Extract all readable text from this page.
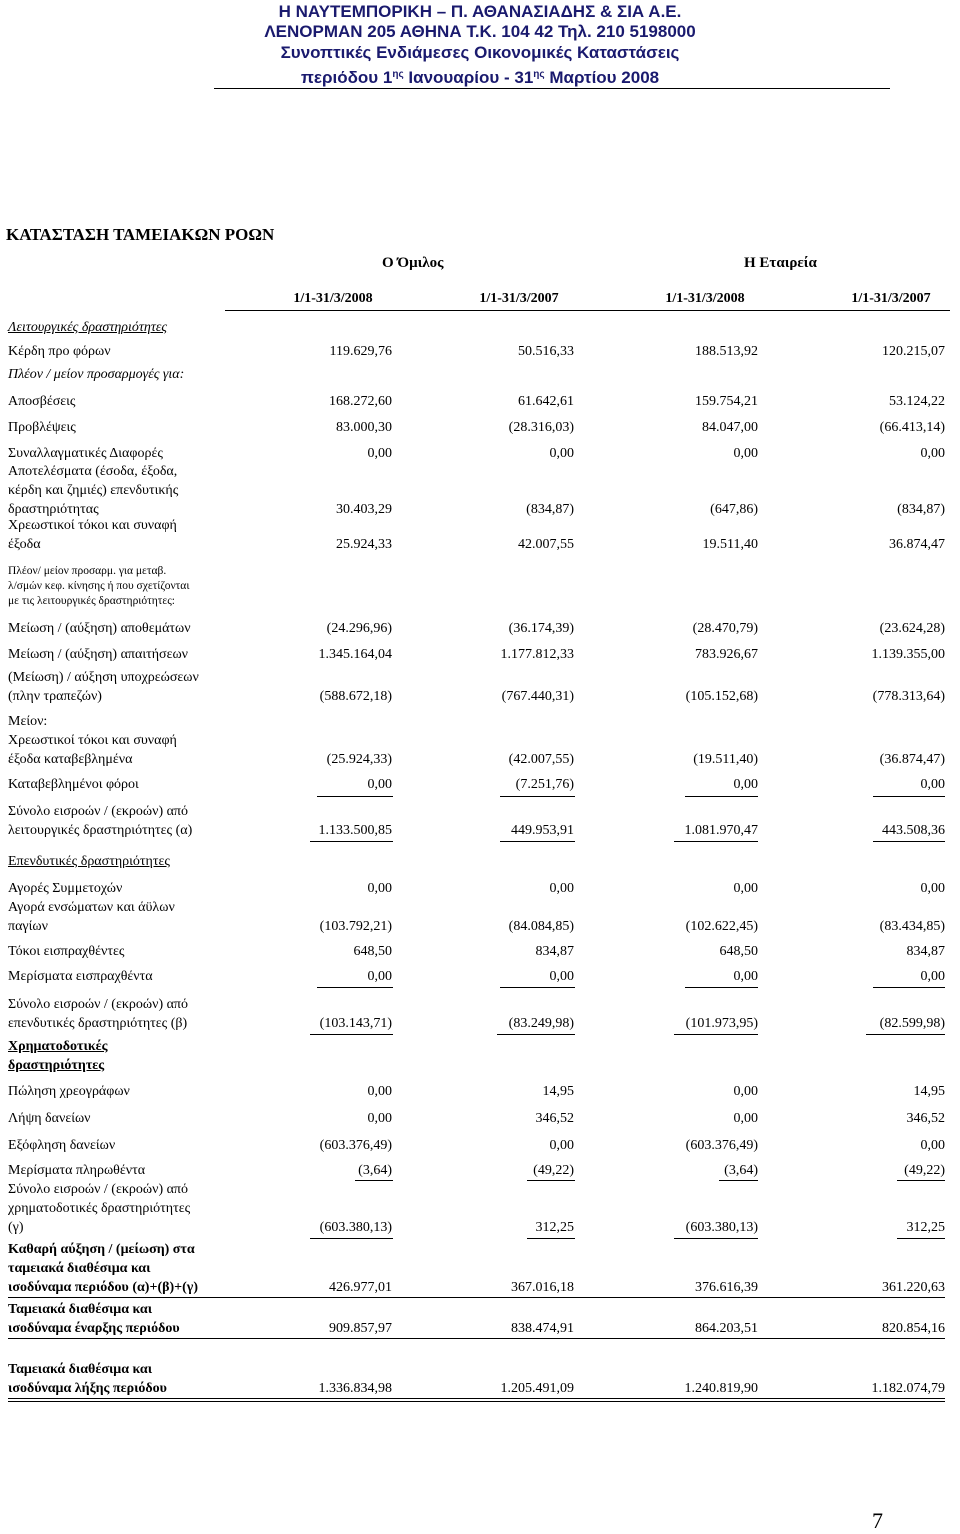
Η ΝΑΥΤΕΜΠΟΡΙΚΗ – Π. ΑΘΑΝΑΣΙΑΔΗΣ & ΣΙΑ Α.Ε.
ΛΕΝΟΡΜΑΝ 205 ΑΘΗΝΑ Τ.Κ. 104 42 Τηλ. 210 5198000
Συνοπτικές Ενδιάμεσες Οικονομικές Καταστάσεις
περιόδου $1^{\eta\varsigma}$ Ιανουαρίου - $31^{\eta\varsigma}$ Μαρτίου 2008
ΚΑΤΑΣΤΑΣΗ ΤΑΜΕΙΑΚΩΝ ΡΟΩΝ
Ο Όμιλος	Η Εταιρεία
1/1-31/3/2008	1/1-31/3/2007	1/1-31/3/2008	1/1-31/3/2007
Λειτουργικές δραστηριότητες
Κέρδη προ φόρων	119.629,76	50.516,33	188.513,92	120.215,07
Πλέον / μείον προσαρμογές για:
Αποσβέσεις	168.272,60	61.642,61	159.754,21	53.124,22
Προβλέψεις	83.000,30	(28.316,03)	84.047,00	(66.413,14)
Συναλλαγματικές Διαφορές	0,00	0,00	0,00	0,00
Αποτελέσματα (έσοδα, έξοδα,
κέρδη και ζημιές) επενδυτικής
δραστηριότητας	30.403,29	(834,87)	(647,86)	(834,87)
Χρεωστικοί τόκοι και συναφή
έξοδα	25.924,33	42.007,55	19.511,40	36.874,47
Πλέον/ μείον προσαρμ. για μεταβ.
λ/σμών κεφ. κίνησης ή που σχετίζονται
με τις λειτουργικές δραστηριότητες:
Μείωση / (αύξηση) αποθεμάτων	(24.296,96)	(36.174,39)	(28.470,79)	(23.624,28)
Μείωση / (αύξηση) απαιτήσεων	1.345.164,04	1.177.812,33	783.926,67	1.139.355,00
(Μείωση) / αύξηση υποχρεώσεων
(πλην τραπεζών)	(588.672,18)	(767.440,31)	(105.152,68)	(778.313,64)
Μείον:
Χρεωστικοί τόκοι και συναφή
έξοδα καταβεβλημένα	(25.924,33)	(42.007,55)	(19.511,40)	(36.874,47)
Καταβεβλημένοι φόροι	0,00	(7.251,76)	0,00	0,00
Σύνολο εισροών / (εκροών) από
λειτουργικές δραστηριότητες (α)	1.133.500,85	449.953,91	1.081.970,47	443.508,36
Επενδυτικές δραστηριότητες
Αγορές Συμμετοχών	0,00	0,00	0,00	0,00
Αγορά ενσώματων και άϋλων
παγίων	(103.792,21)	(84.084,85)	(102.622,45)	(83.434,85)
Τόκοι εισπραχθέντες	648,50	834,87	648,50	834,87
Μερίσματα εισπραχθέντα	0,00	0,00	0,00	0,00
Σύνολο εισροών / (εκροών) από
επενδυτικές δραστηριότητες (β)	(103.143,71)	(83.249,98)	(101.973,95)	(82.599,98)
Χρηματοδοτικές
δραστηριότητες
Πώληση χρεογράφων	0,00	14,95	0,00	14,95
Λήψη δανείων	0,00	346,52	0,00	346,52
Εξόφληση δανείων	(603.376,49)	0,00	(603.376,49)	0,00
Μερίσματα πληρωθέντα	(3,64)	(49,22)	(3,64)	(49,22)
Σύνολο εισροών / (εκροών) από
χρηματοδοτικές δραστηριότητες
(γ)	(603.380,13)	312,25	(603.380,13)	312,25
Καθαρή αύξηση / (μείωση) στα
ταμειακά διαθέσιμα και
ισοδύναμα περιόδου (α)+(β)+(γ)	426.977,01	367.016,18	376.616,39	361.220,63
Ταμειακά διαθέσιμα και
ισοδύναμα έναρξης περιόδου	909.857,97	838.474,91	864.203,51	820.854,16
Ταμειακά διαθέσιμα και
ισοδύναμα λήξης περιόδου	1.336.834,98	1.205.491,09	1.240.819,90	1.182.074,79
7
